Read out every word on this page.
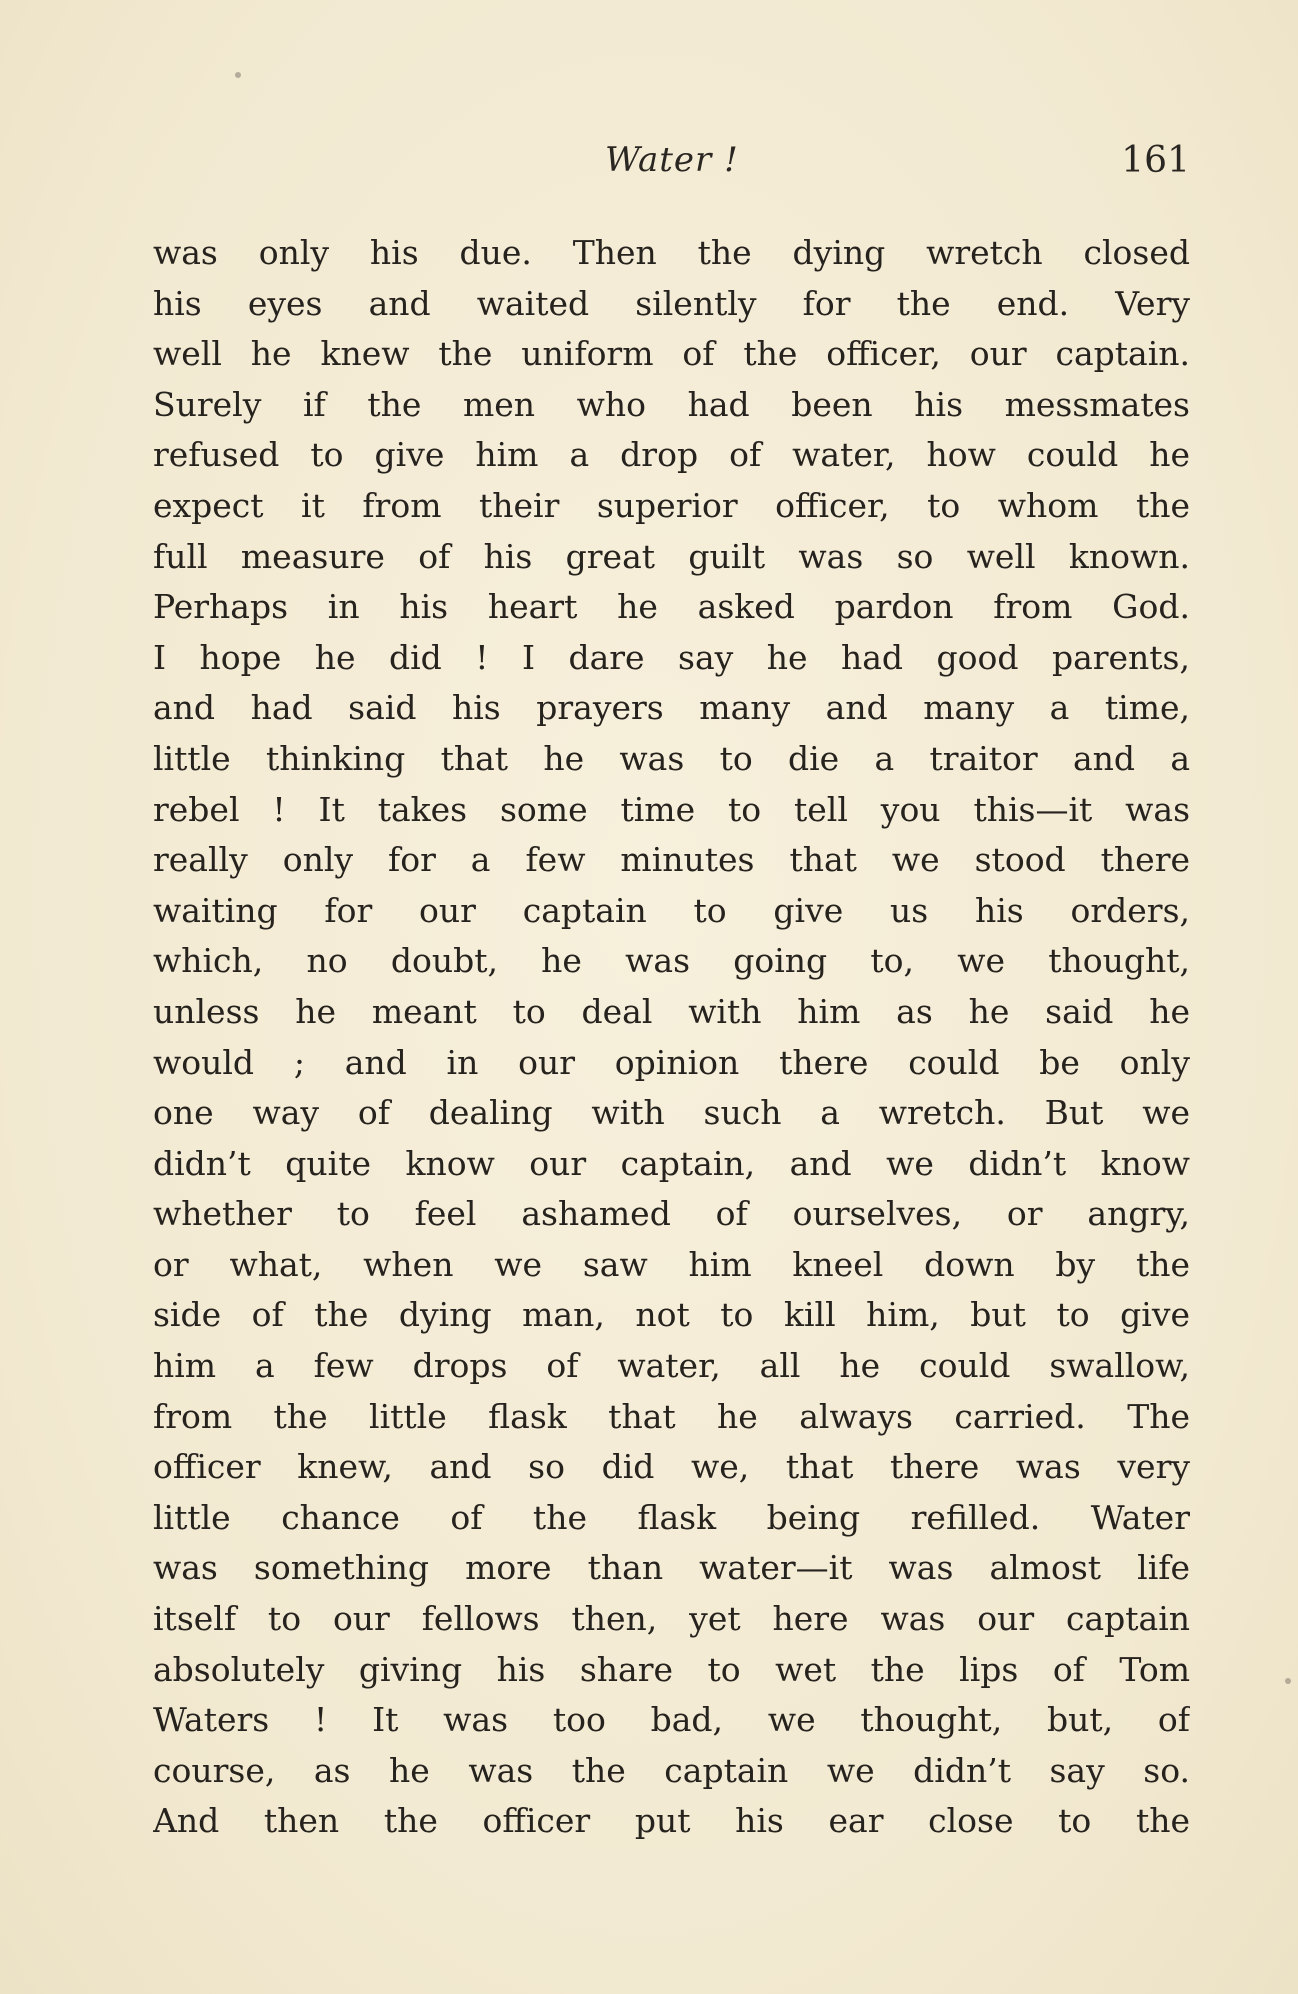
Water !	161
was only his due. Then the dying wretch closed
his eyes and waited silently for the end. Very
well he knew the uniform of the officer, our captain.
Surely if the men who had been his messmates
refused to give him a drop of water, how could he
expect it from their superior officer, to whom the
full measure of his great guilt was so well known.
Perhaps in his heart he asked pardon from God.
I hope he did ! I dare say he had good parents,
and had said his prayers many and many a time,
little thinking that he was to die a traitor and a
rebel ! It takes some time to tell you this—it was
really only for a few minutes that we stood there
waiting for our captain to give us his orders,
which, no doubt, he was going to, we thought,
unless he meant to deal with him as he said he
would ; and in our opinion there could be only
one way of dealing with such a wretch. But we
didn’t quite know our captain, and we didn’t know
whether to feel ashamed of ourselves, or angry,
or what, when we saw him kneel down by the
side of the dying man, not to kill him, but to give
him a few drops of water, all he could swallow,
from the little flask that he always carried. The
officer knew, and so did we, that there was very
little chance of the flask being refilled. Water
was something more than water—it was almost life
itself to our fellows then, yet here was our captain
absolutely giving his share to wet the lips of Tom
Waters ! It was too bad, we thought, but, of
course, as he was the captain we didn’t say so.
And then the officer put his ear close to the
